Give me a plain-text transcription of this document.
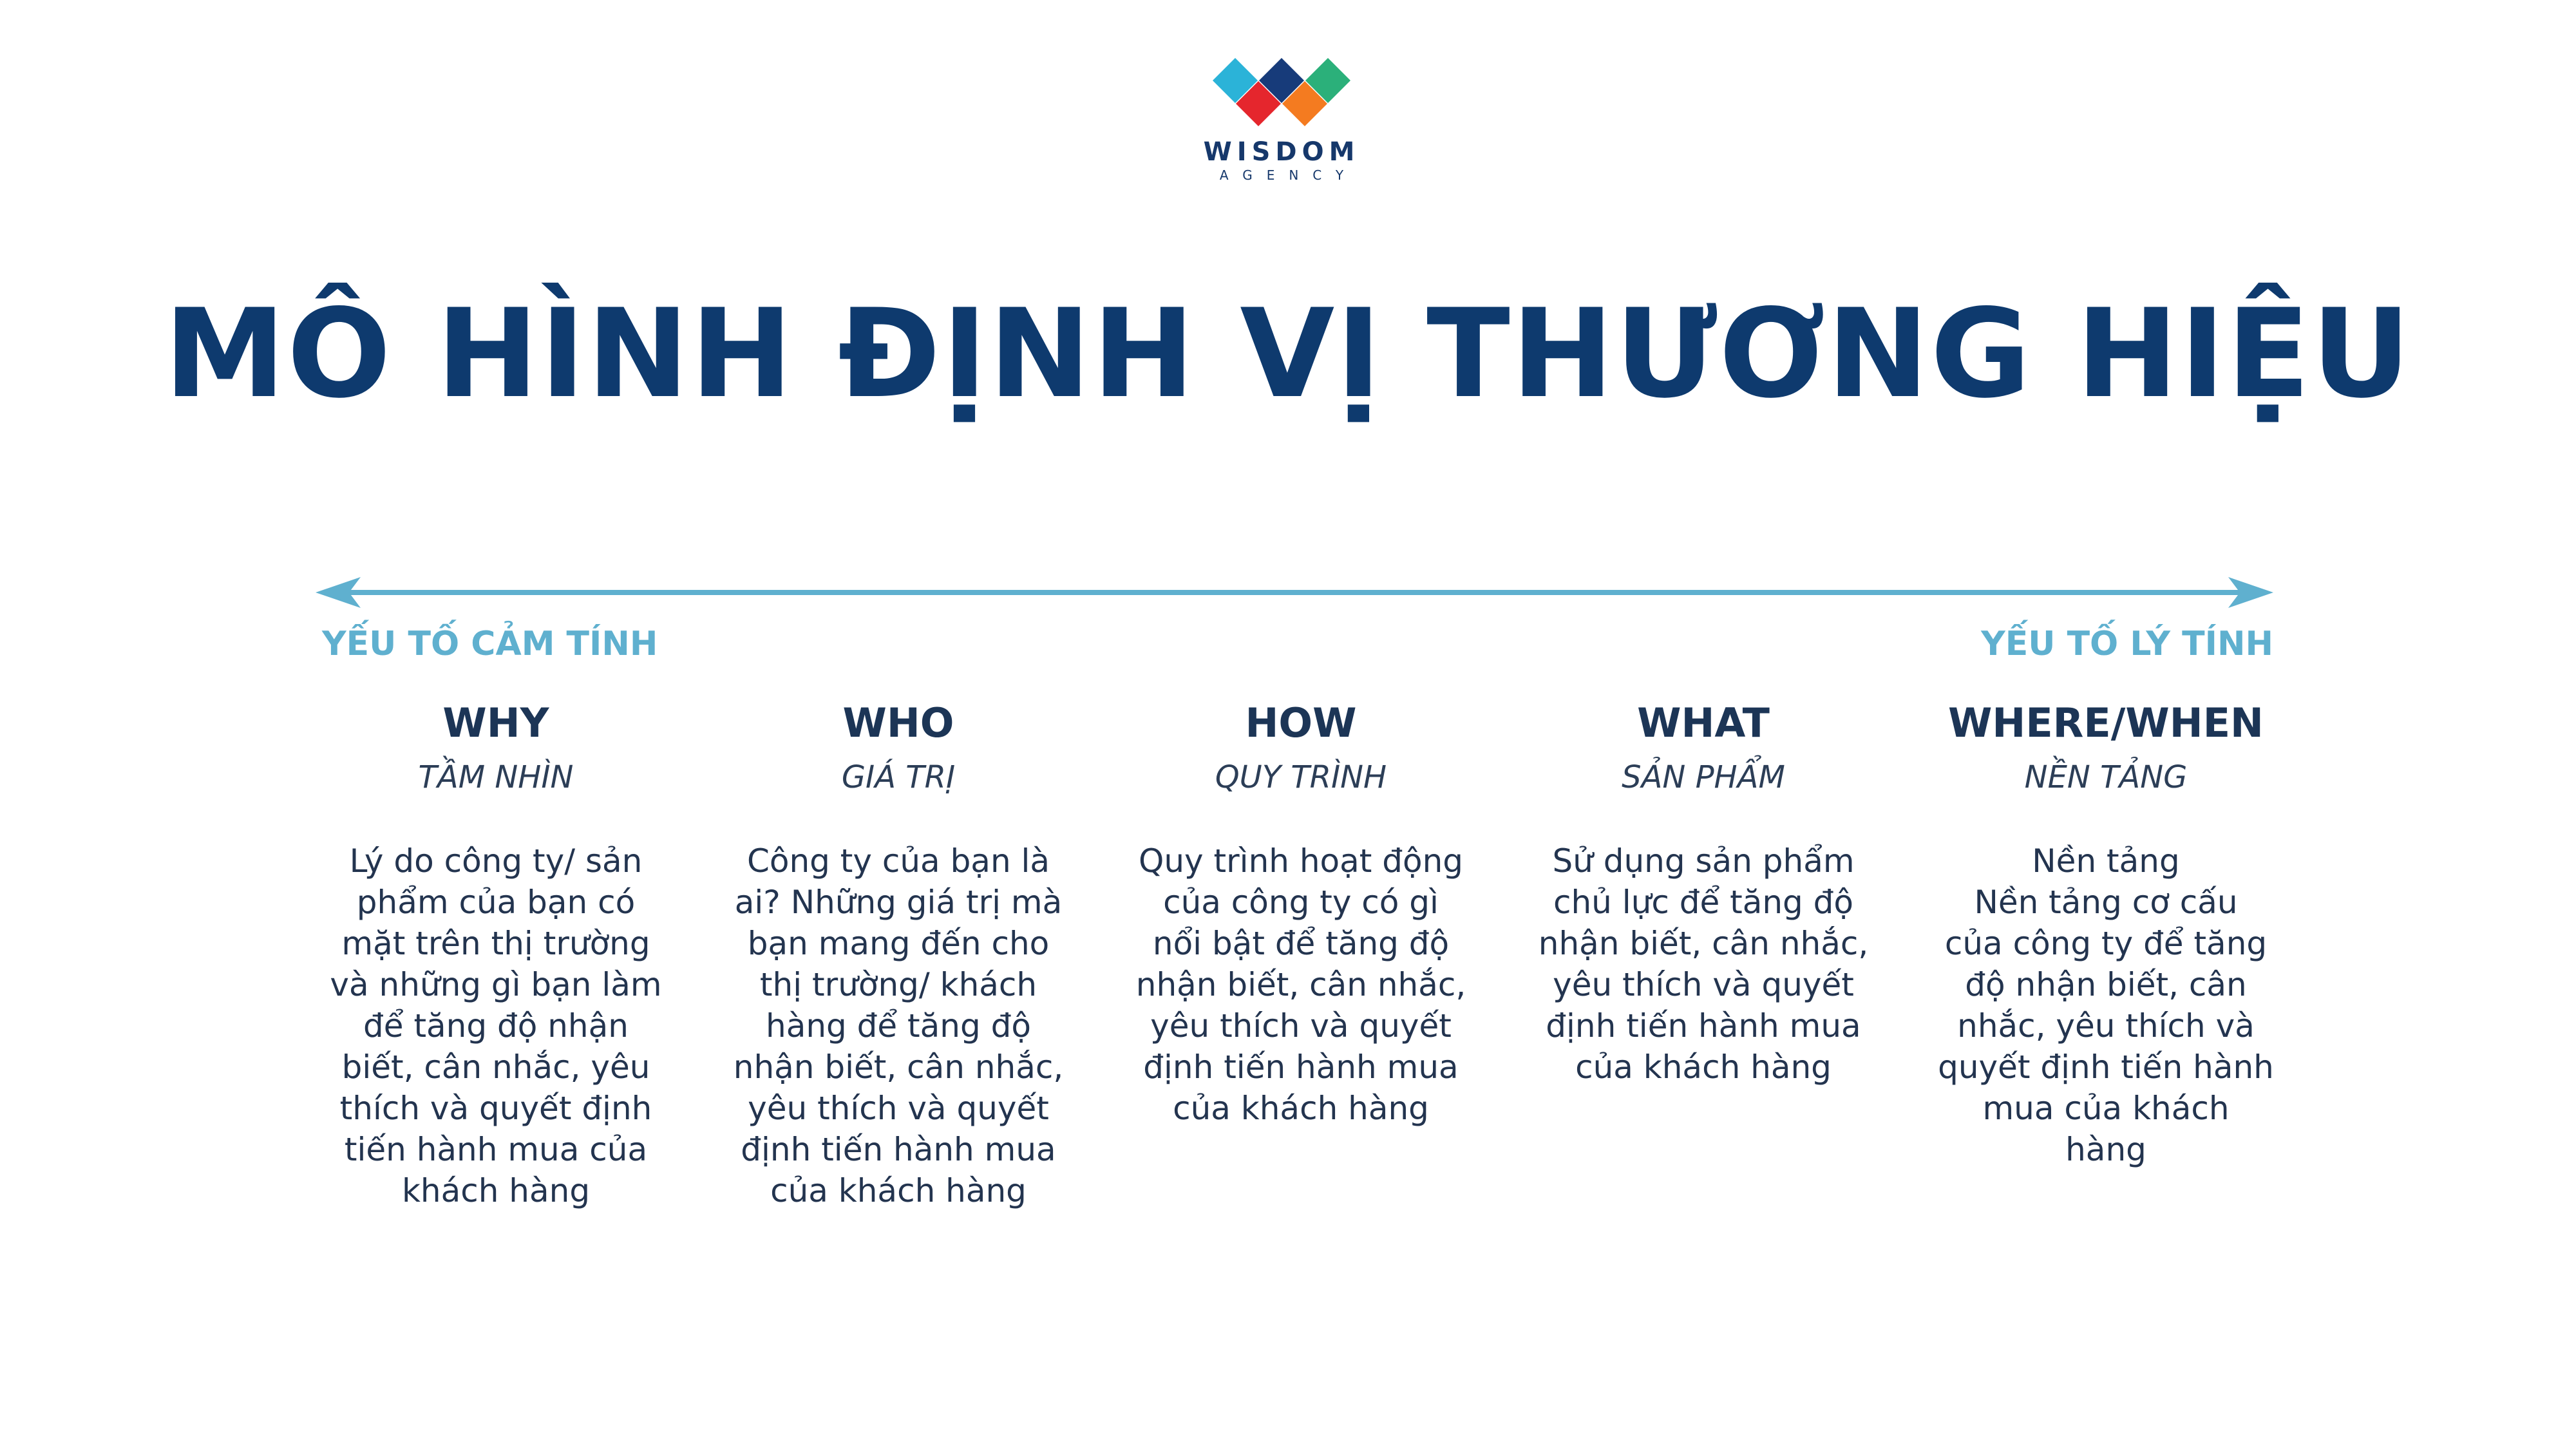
WISDOM
AGENCY
MÔ HÌNH ĐỊNH VỊ THƯƠNG HIỆU
YẾU TỐ CẢM TÍNH	YẾU TỐ LÝ TÍNH
WHY
TẦM NHÌN
Lý do công ty/ sản
phẩm của bạn có
mặt trên thị trường
và những gì bạn làm
để tăng độ nhận
biết, cân nhắc, yêu
thích và quyết định
tiến hành mua của
khách hàng
WHO
GIÁ TRỊ
Công ty của bạn là
ai? Những giá trị mà
bạn mang đến cho
thị trường/ khách
hàng để tăng độ
nhận biết, cân nhắc,
yêu thích và quyết
định tiến hành mua
của khách hàng
HOW
QUY TRÌNH
Quy trình hoạt động
của công ty có gì
nổi bật để tăng độ
nhận biết, cân nhắc,
yêu thích và quyết
định tiến hành mua
của khách hàng
WHAT
SẢN PHẨM
Sử dụng sản phẩm
chủ lực để tăng độ
nhận biết, cân nhắc,
yêu thích và quyết
định tiến hành mua
của khách hàng
WHERE/WHEN
NỀN TẢNG
Nền tảng
Nền tảng cơ cấu
của công ty để tăng
độ nhận biết, cân
nhắc, yêu thích và
quyết định tiến hành
mua của khách
hàng
